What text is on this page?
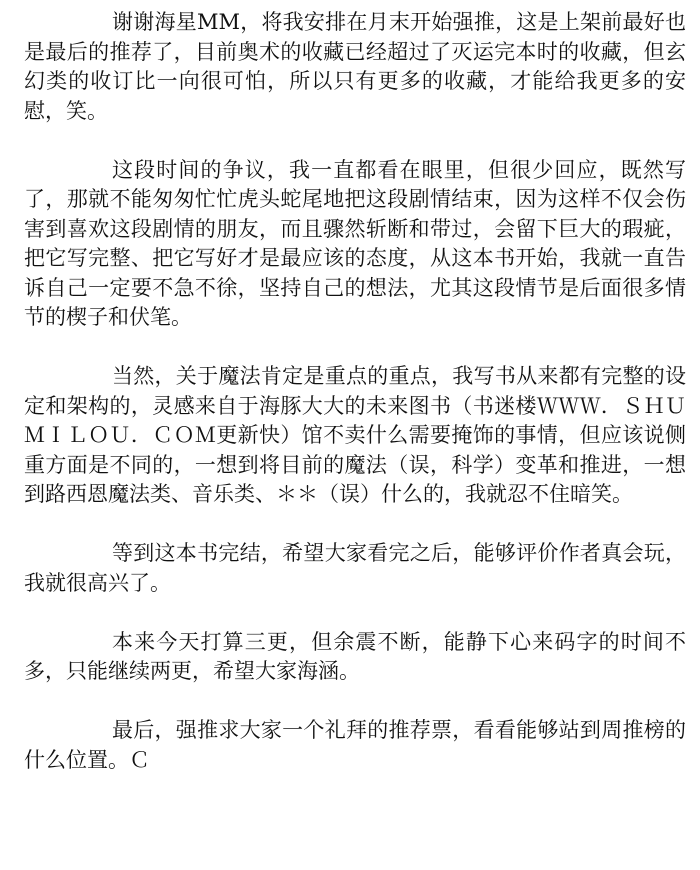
谢谢海星MM，将我安排在月末开始强推，这是上架前最好也是最后的推荐了，目前奥术的收藏已经超过了灭运完本时的收藏，但玄幻类的收订比一向很可怕，所以只有更多的收藏，才能给我更多的安慰，笑。

这段时间的争议，我一直都看在眼里，但很少回应，既然写了，那就不能匆匆忙忙虎头蛇尾地把这段剧情结束，因为这样不仅会伤害到喜欢这段剧情的朋友，而且骤然斩断和带过，会留下巨大的瑕疵，把它写完整、把它写好才是最应该的态度，从这本书开始，我就一直告诉自己一定要不急不徐，坚持自己的想法，尤其这段情节是后面很多情节的楔子和伏笔。

当然，关于魔法肯定是重点的重点，我写书从来都有完整的设定和架构的，灵感来自于海豚大大的未来图书（书迷楼ＷＷＷ．ＳＨＵＭＩＬＯＵ．ＣＯＭ更新快）馆不卖什么需要掩饰的事情，但应该说侧重方面是不同的，一想到将目前的魔法（误，科学）变革和推进，一想到路西恩魔法类、音乐类、＊＊（误）什么的，我就忍不住暗笑。

等到这本书完结，希望大家看完之后，能够评价作者真会玩，我就很高兴了。

本来今天打算三更，但余震不断，能静下心来码字的时间不多，只能继续两更，希望大家海涵。

最后，强推求大家一个礼拜的推荐票，看看能够站到周推榜的什么位置。Ｃ
